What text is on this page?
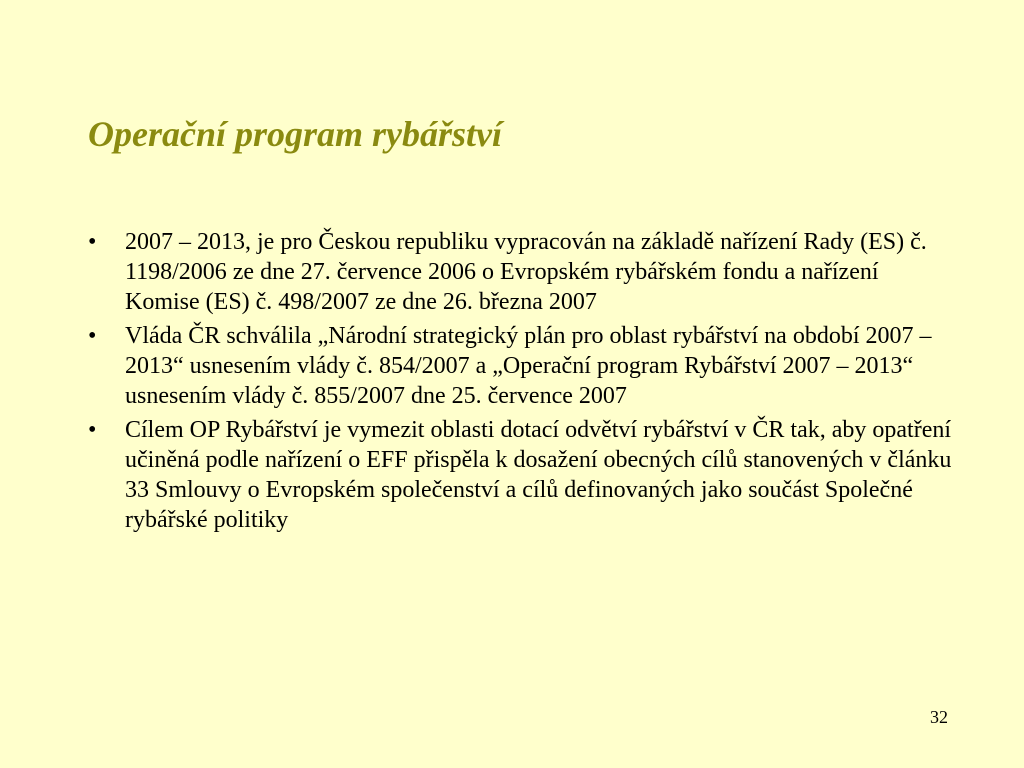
Operační program rybářství
•	2007 – 2013, je pro Českou republiku vypracován na základě nařízení Rady (ES) č. 1198/2006 ze dne 27. července 2006 o Evropském rybářském fondu a nařízení Komise (ES) č. 498/2007 ze dne 26. března 2007
•	Vláda ČR schválila „Národní strategický plán pro oblast rybářství na období 2007 – 2013“ usnesením vlády č. 854/2007 a „Operační program Rybářství 2007 – 2013“ usnesením vlády č. 855/2007 dne 25. července 2007
•	Cílem OP Rybářství je vymezit oblasti dotací odvětví rybářství v ČR tak, aby opatření učiněná podle nařízení o EFF přispěla k dosažení obecných cílů stanovených v článku 33 Smlouvy o Evropském společenství a cílů definovaných jako součást Společné rybářské politiky
32
